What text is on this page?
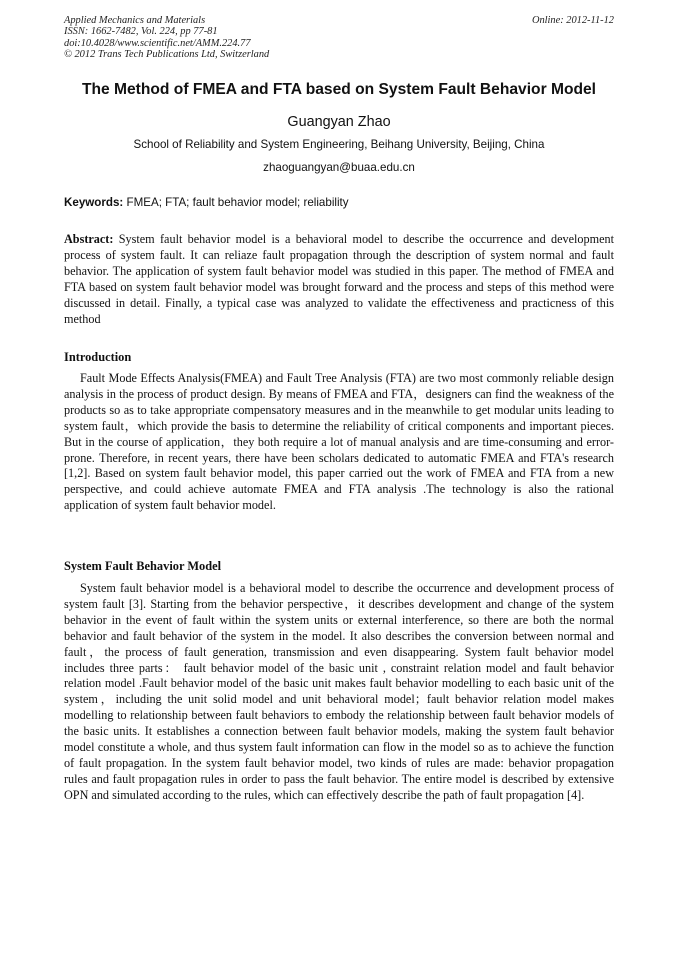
Applied Mechanics and Materials
ISSN: 1662-7482, Vol. 224, pp 77-81
doi:10.4028/www.scientific.net/AMM.224.77
© 2012 Trans Tech Publications Ltd, Switzerland
Online: 2012-11-12
The Method of FMEA and FTA based on System Fault Behavior Model
Guangyan Zhao
School of Reliability and System Engineering, Beihang University, Beijing, China
zhaoguangyan@buaa.edu.cn
Keywords: FMEA; FTA; fault behavior model; reliability
Abstract: System fault behavior model is a behavioral model to describe the occurrence and development process of system fault. It can reliaze fault propagation through the description of system normal and fault behavior. The application of system fault behavior model was studied in this paper. The method of FMEA and FTA based on system fault behavior model was brought forward and the process and steps of this method were discussed in detail. Finally, a typical case was analyzed to validate the effectiveness and practicness of this method
Introduction

Fault Mode Effects Analysis(FMEA) and Fault Tree Analysis (FTA) are two most commonly reliable design analysis in the process of product design. By means of FMEA and FTA，designers can find the weakness of the products so as to take appropriate compensatory measures and in the meanwhile to get modular units leading to system fault，which provide the basis to determine the reliability of critical components and important pieces. But in the course of application，they both require a lot of manual analysis and are time-consuming and error-prone. Therefore, in recent years, there have been scholars dedicated to automatic FMEA and FTA's research [1,2]. Based on system fault behavior model, this paper carried out the work of FMEA and FTA from a new perspective, and could achieve automate FMEA and FTA analysis .The technology is also the rational application of system fault behavior model.

System Fault Behavior Model

System fault behavior model is a behavioral model to describe the occurrence and development process of system fault [3]. Starting from the behavior perspective，it describes development and change of the system behavior in the event of fault within the system units or external interference, so there are both the normal behavior and fault behavior of the system in the model. It also describes the conversion between normal and fault，the process of fault generation, transmission and even disappearing. System fault behavior model includes three parts： fault behavior model of the basic unit , constraint relation model and fault behavior relation model .Fault behavior model of the basic unit makes fault behavior modelling to each basic unit of the system，including the unit solid model and unit behavioral model；fault behavior relation model makes modelling to relationship between fault behaviors to embody the relationship between fault behavior models of the basic units. It establishes a connection between fault behavior models, making the system fault behavior model constitute a whole, and thus system fault information can flow in the model so as to achieve the function of fault propagation. In the system fault behavior model, two kinds of rules are made: behavior propagation rules and fault propagation rules in order to pass the fault behavior. The entire model is described by extensive OPN and simulated according to the rules, which can effectively describe the path of fault propagation [4].
